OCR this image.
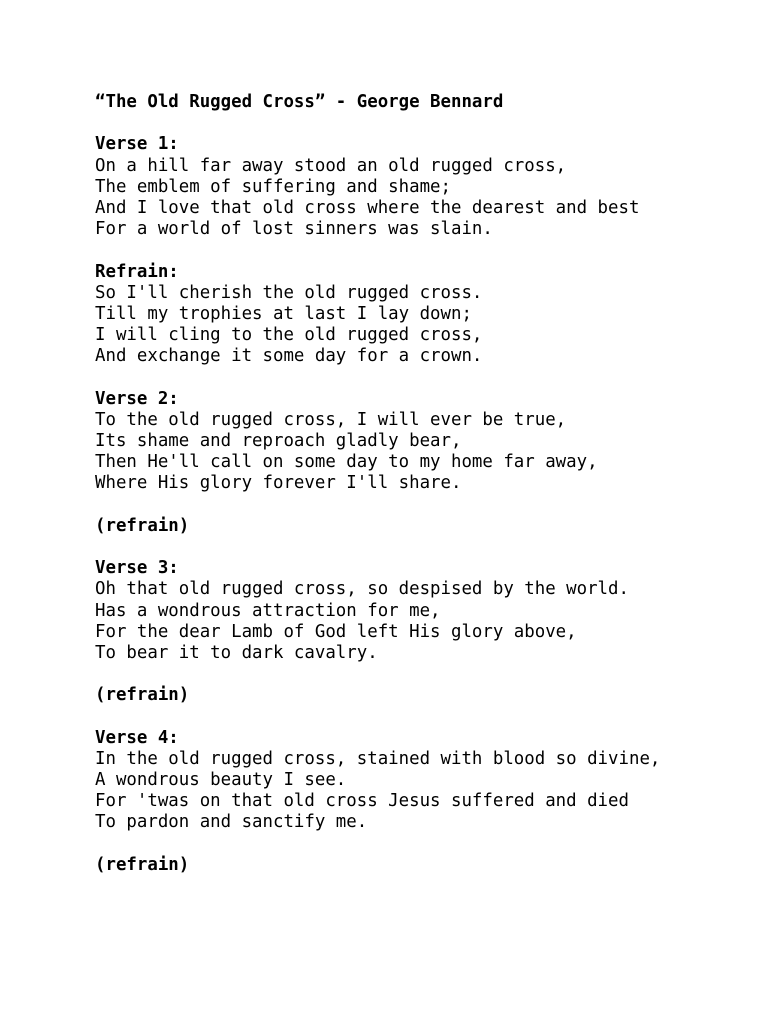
“The Old Rugged Cross” - George Bennard
Verse 1:
On a hill far away stood an old rugged cross,
The emblem of suffering and shame;
And I love that old cross where the dearest and best
For a world of lost sinners was slain.
Refrain:
So I'll cherish the old rugged cross.
Till my trophies at last I lay down;
I will cling to the old rugged cross,
And exchange it some day for a crown.
Verse 2:
To the old rugged cross, I will ever be true,
Its shame and reproach gladly bear,
Then He'll call on some day to my home far away,
Where His glory forever I'll share.
(refrain)
Verse 3:
Oh that old rugged cross, so despised by the world.
Has a wondrous attraction for me,
For the dear Lamb of God left His glory above,
To bear it to dark cavalry.
(refrain)
Verse 4:
In the old rugged cross, stained with blood so divine,
A wondrous beauty I see.
For 'twas on that old cross Jesus suffered and died
To pardon and sanctify me.
(refrain)
